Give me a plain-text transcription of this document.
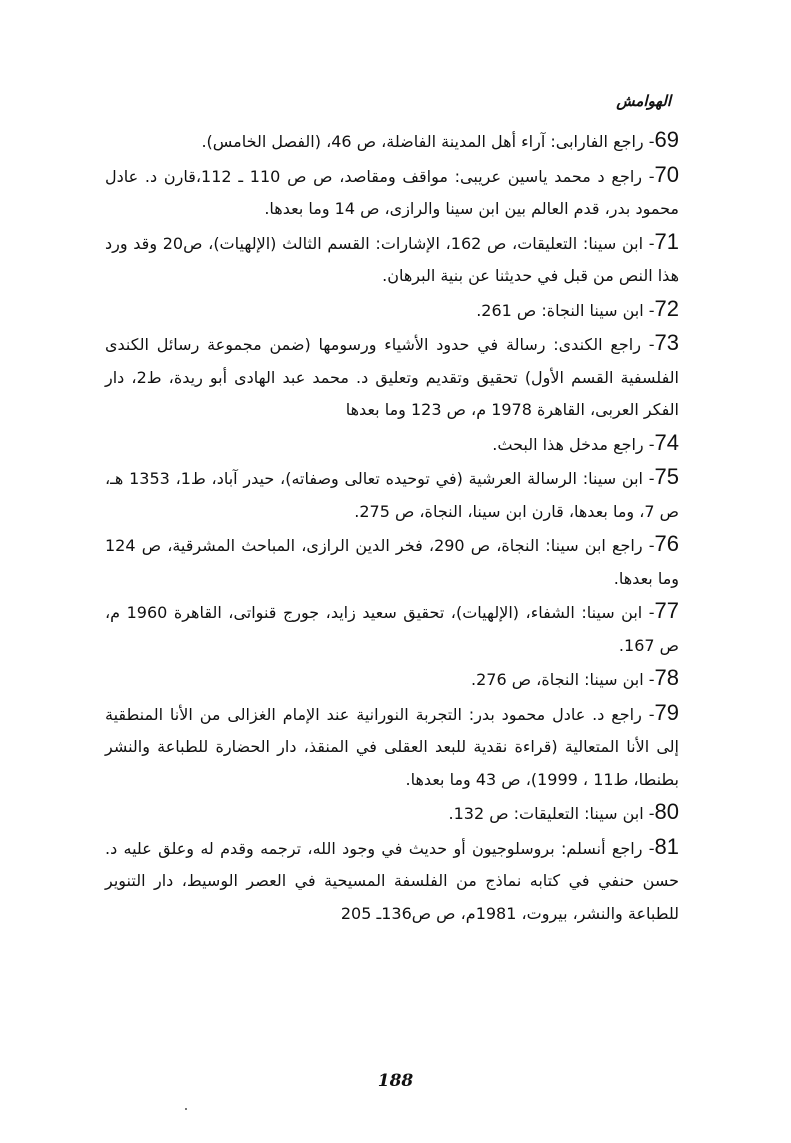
الهوامش

69- راجع الفارابى: آراء أهل المدينة الفاضلة، ص 46، (الفصل الخامس).

70- راجع د محمد ياسين عريبى: مواقف ومقاصد، ص ص 110 ـ 112،قارن د. عادل محمود بدر، قدم العالم بين ابن سينا والرازى، ص 14 وما بعدها.

71- ابن سينا: التعليقات، ص 162، الإشارات: القسم الثالث (الإلهيات)، ص20 وقد ورد هذا النص من قبل في حديثنا عن بنية البرهان.

72- ابن سينا النجاة: ص 261.

73- راجع الكندى: رسالة في حدود الأشياء ورسومها (ضمن مجموعة رسائل الكندى الفلسفية القسم الأول) تحقيق وتقديم وتعليق د. محمد عبد الهادى أبو ريدة، ط2، دار الفكر العربى، القاهرة 1978 م، ص 123 وما بعدها

74- راجع مدخل هذا البحث.

75- ابن سينا: الرسالة العرشية (في توحيده تعالى وصفاته)، حيدر آباد، ط1، 1353 هـ، ص 7، وما بعدها، قارن ابن سينا، النجاة، ص 275.

76- راجع ابن سينا: النجاة، ص 290، فخر الدين الرازى، المباحث المشرقية، ص 124 وما بعدها.

77- ابن سينا: الشفاء، (الإلهيات)، تحقيق سعيد زايد، جورج قنواتى، القاهرة 1960 م، ص 167.

78- ابن سينا: النجاة، ص 276.

79- راجع د. عادل محمود بدر: التجربة النورانية عند الإمام الغزالى من الأنا المنطقية إلى الأنا المتعالية (قراءة نقدية للبعد العقلى في المنقذ، دار الحضارة للطباعة والنشر بطنطا، ط11 ، 1999)، ص 43 وما بعدها.

80- ابن سينا: التعليقات: ص 132.

81- راجع أنسلم: بروسلوجيون أو حديث في وجود الله، ترجمه وقدم له وعلق عليه د. حسن حنفي في كتابه نماذج من الفلسفة المسيحية في العصر الوسيط، دار التنوير للطباعة والنشر، بيروت، 1981م، ص ص136ـ 205

188
